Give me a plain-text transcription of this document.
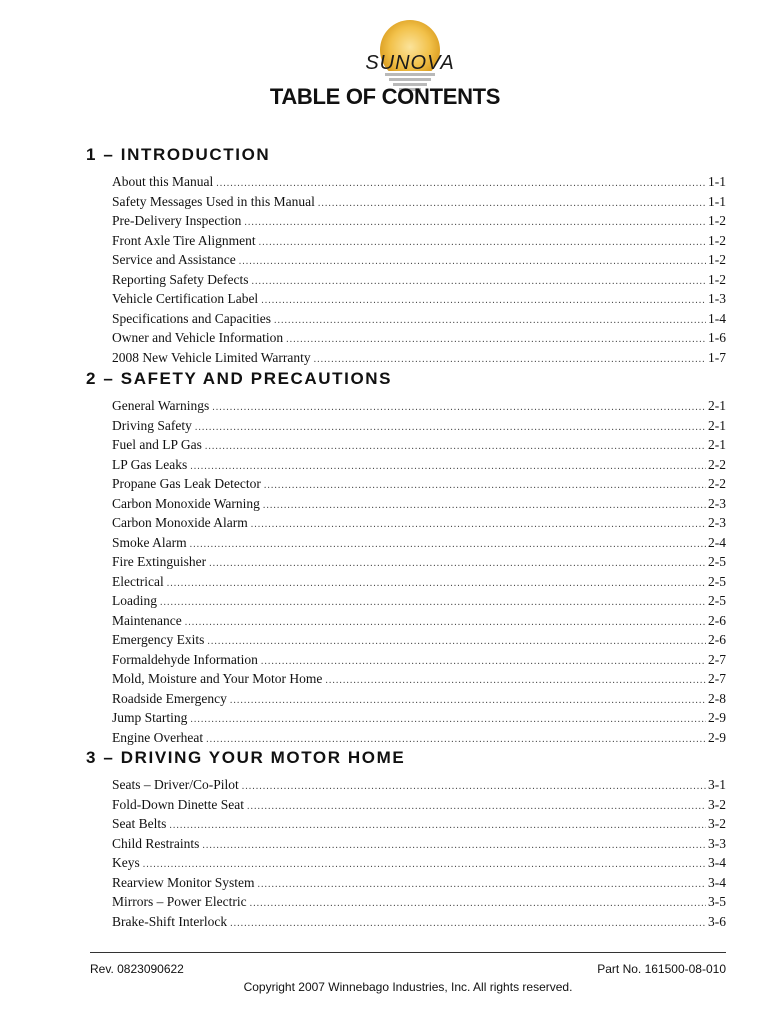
SUNOVA
TABLE OF CONTENTS
1 – INTRODUCTION
About this Manual .....	1-1
Safety Messages Used in this Manual .....	1-1
Pre-Delivery Inspection .....	1-2
Front Axle Tire Alignment .....	1-2
Service and Assistance .....	1-2
Reporting Safety Defects .....	1-2
Vehicle Certification Label .....	1-3
Specifications and Capacities .....	1-4
Owner and Vehicle Information .....	1-6
2008 New Vehicle Limited Warranty .....	1-7
2 – SAFETY AND PRECAUTIONS
General Warnings .....	2-1
Driving Safety .....	2-1
Fuel and LP Gas .....	2-1
LP Gas Leaks .....	2-2
Propane Gas Leak Detector .....	2-2
Carbon Monoxide Warning .....	2-3
Carbon Monoxide Alarm .....	2-3
Smoke Alarm .....	2-4
Fire Extinguisher .....	2-5
Electrical .....	2-5
Loading .....	2-5
Maintenance .....	2-6
Emergency Exits .....	2-6
Formaldehyde Information .....	2-7
Mold, Moisture and Your Motor Home .....	2-7
Roadside Emergency .....	2-8
Jump Starting .....	2-9
Engine Overheat .....	2-9
3 – DRIVING YOUR MOTOR HOME
Seats – Driver/Co-Pilot .....	3-1
Fold-Down Dinette Seat .....	3-2
Seat Belts .....	3-2
Child Restraints .....	3-3
Keys .....	3-4
Rearview Monitor System .....	3-4
Mirrors – Power Electric .....	3-5
Brake-Shift Interlock .....	3-6
Rev. 0823090622	Part No. 161500-08-010
Copyright 2007 Winnebago Industries, Inc. All rights reserved.
